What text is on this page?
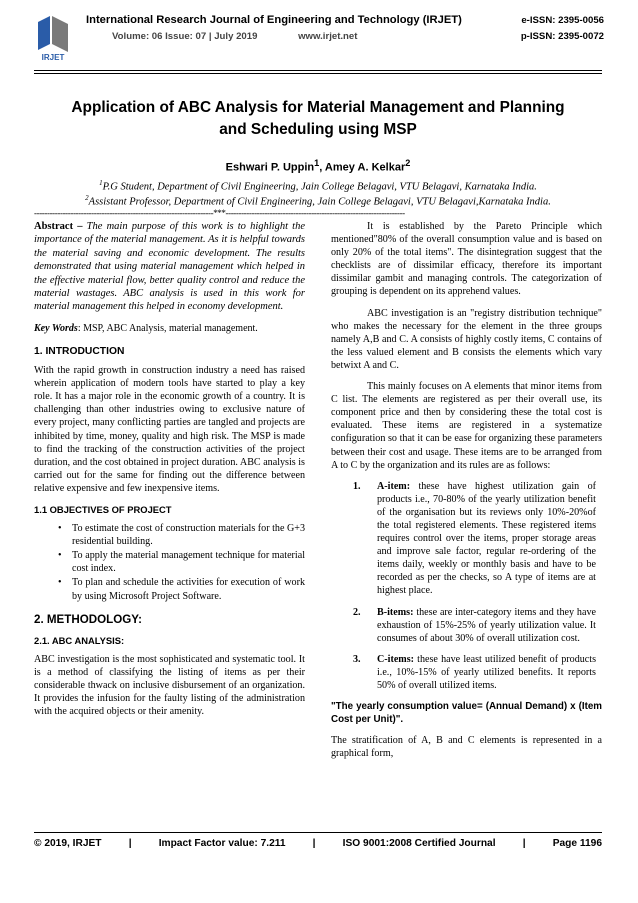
IRJET
International Research Journal of Engineering and Technology (IRJET)
Volume: 06 Issue: 07 | July 2019	www.irjet.net
e-ISSN: 2395-0056
p-ISSN: 2395-0072
Application of ABC Analysis for Material Management and Planning
and Scheduling using MSP
Eshwari P. Uppin$^1$, Amey A. Kelkar$^2$
$^1$P.G Student, Department of Civil Engineering, Jain College Belagavi, VTU Belagavi, Karnataka India.
$^2$Assistant Professor, Department of Civil Engineering, Jain College Belagavi, VTU Belagavi,Karnataka India.
---------------------------------------------------------------------***---------------------------------------------------------------------

Abstract – The main purpose of this work is to highlight the importance of the material management. As it is helpful towards the material saving and economic development. The results demonstrated that using material management which helped in the effective material flow, better quality control and reduce the material wastages. ABC analysis is used in this work for material management this helped in economy development.

Key Words: MSP, ABC Analysis, material management.

1. INTRODUCTION

With the rapid growth in construction industry a need has raised wherein application of modern tools have started to play a key role. It has a major role in the economic growth of a country. It is challenging than other industries owing to exclusive nature of every project, many conflicting parties are tangled and projects are inhibited by time, money, quality and high risk. The MSP is made to find the tracking of the construction activities of the project duration, and the cost obtained in project duration. ABC analysis is carried out for the same for finding out the difference between relative expensive and few inexpensive items.

1.1 OBJECTIVES OF PROJECT
• To estimate the cost of construction materials for the G+3 residential building.
• To apply the material management technique for material cost index.
• To plan and schedule the activities for execution of work by using Microsoft Project Software.
2. METHODOLOGY:
2.1. ABC ANALYSIS:

ABC investigation is the most sophisticated and systematic tool. It is a method of classifying the listing of items as per their considerable thwack on inclusive disbursement of an organization. It provides the infusion for the faulty listing of the administration with the acquired objects or their amenity.

It is established by the Pareto Principle which mentioned"80% of the overall consumption value and is based on only 20% of the total items". The disintegration suggest that the checklists are of dissimilar efficacy, therefore its important dissimilar gambit and managing controls. The categorization of grouping is dependent on its apprehend values.

ABC investigation is an "registry distribution technique" who makes the necessary for the element in the three groups namely A,B and C. A consists of highly costly items, C contains of the less valued element and B consists the elements which vary betwixt A and C.

This mainly focuses on A elements that minor items from C list. The elements are registered as per their overall use, its component price and then by considering these the total cost is evaluated. These items are registered in a systematize configuration so that it can be ease for organizing these parameters between their cost and usage. These items are to be arranged from A to C by the organization and its rules are as follows:

1. A-item: these have highest utilization gain of products i.e., 70-80% of the yearly utilization benefit of the organisation but its reviews only 10%-20%of the total registered elements. These registered items requires control over the items, proper storage areas and improve sale factor, regular re-ordering of the items daily, weekly or monthly basis and have to be recorded as per the checks, so A type of items are at highest place.
2. B-items: these are inter-category items and they have exhaustion of 15%-25% of yearly utilization value. It consumes of about 30% of overall utilization cost.
3. C-items: these have least utilized benefit of products i.e., 10%-15% of yearly utilized benefits. It reports 50% of overall utilized items.

"The yearly consumption value= (Annual Demand) x (Item Cost per Unit)".

The stratification of A, B and C elements is represented in a graphical form,

© 2019, IRJET	|	Impact Factor value: 7.211	|	ISO 9001:2008 Certified Journal	|	Page 1196
